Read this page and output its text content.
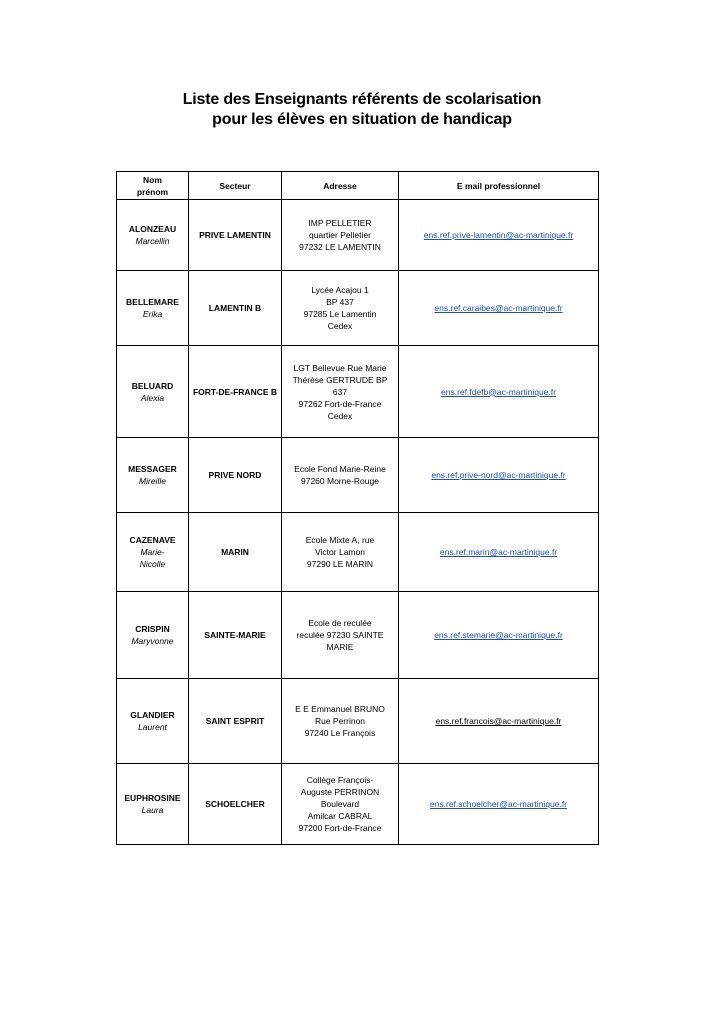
Liste des Enseignants référents de scolarisation
pour les élèves en situation de handicap
Nom
prénom	Secteur	Adresse	E mail professionnel

ALONZEAU
Marcellin	PRIVE LAMENTIN	IMP PELLETIER
quartier Pelletier
97232 LE LAMENTIN	ens.ref.prive-lamentin@ac-martinique.fr

BELLEMARE
Erika	LAMENTIN B	Lycée Acajou 1
BP 437
97285 Le Lamentin
Cedex	ens.ref.caraibes@ac-martinique.fr

BELUARD
Alexia	FORT-DE-FRANCE B	LGT Bellevue Rue Marie
Thérèse GERTRUDE BP
637
97262 Fort-de-France
Cedex	ens.ref.fdefb@ac-martinique.fr

MESSAGER
Mireille	PRIVE NORD	Ecole Fond Marie-Reine
97260 Morne-Rouge	ens.ref.prive-nord@ac-martinique.fr

CAZENAVE
Marie-
Nicolle	MARIN	Ecole Mixte A, rue
Victor Lamon
97290 LE MARIN	ens.ref.marin@ac-martinique.fr

CRISPIN
Maryvonne	SAINTE-MARIE	Ecole de reculée
reculée 97230 SAINTE
MARIE	ens.ref.stemarie@ac-martinique.fr

GLANDIER
Laurent	SAINT ESPRIT	E E Emmanuel BRUNO
Rue Perrinon
97240 Le François	ens.ref.francois@ac-martinique.fr

EUPHROSINE
Laura	SCHOELCHER	Collège François-
Auguste PERRINON
Boulevard
Amilcar CABRAL
97200 Fort-de-France	ens.ref.schoelcher@ac-martinique.fr
